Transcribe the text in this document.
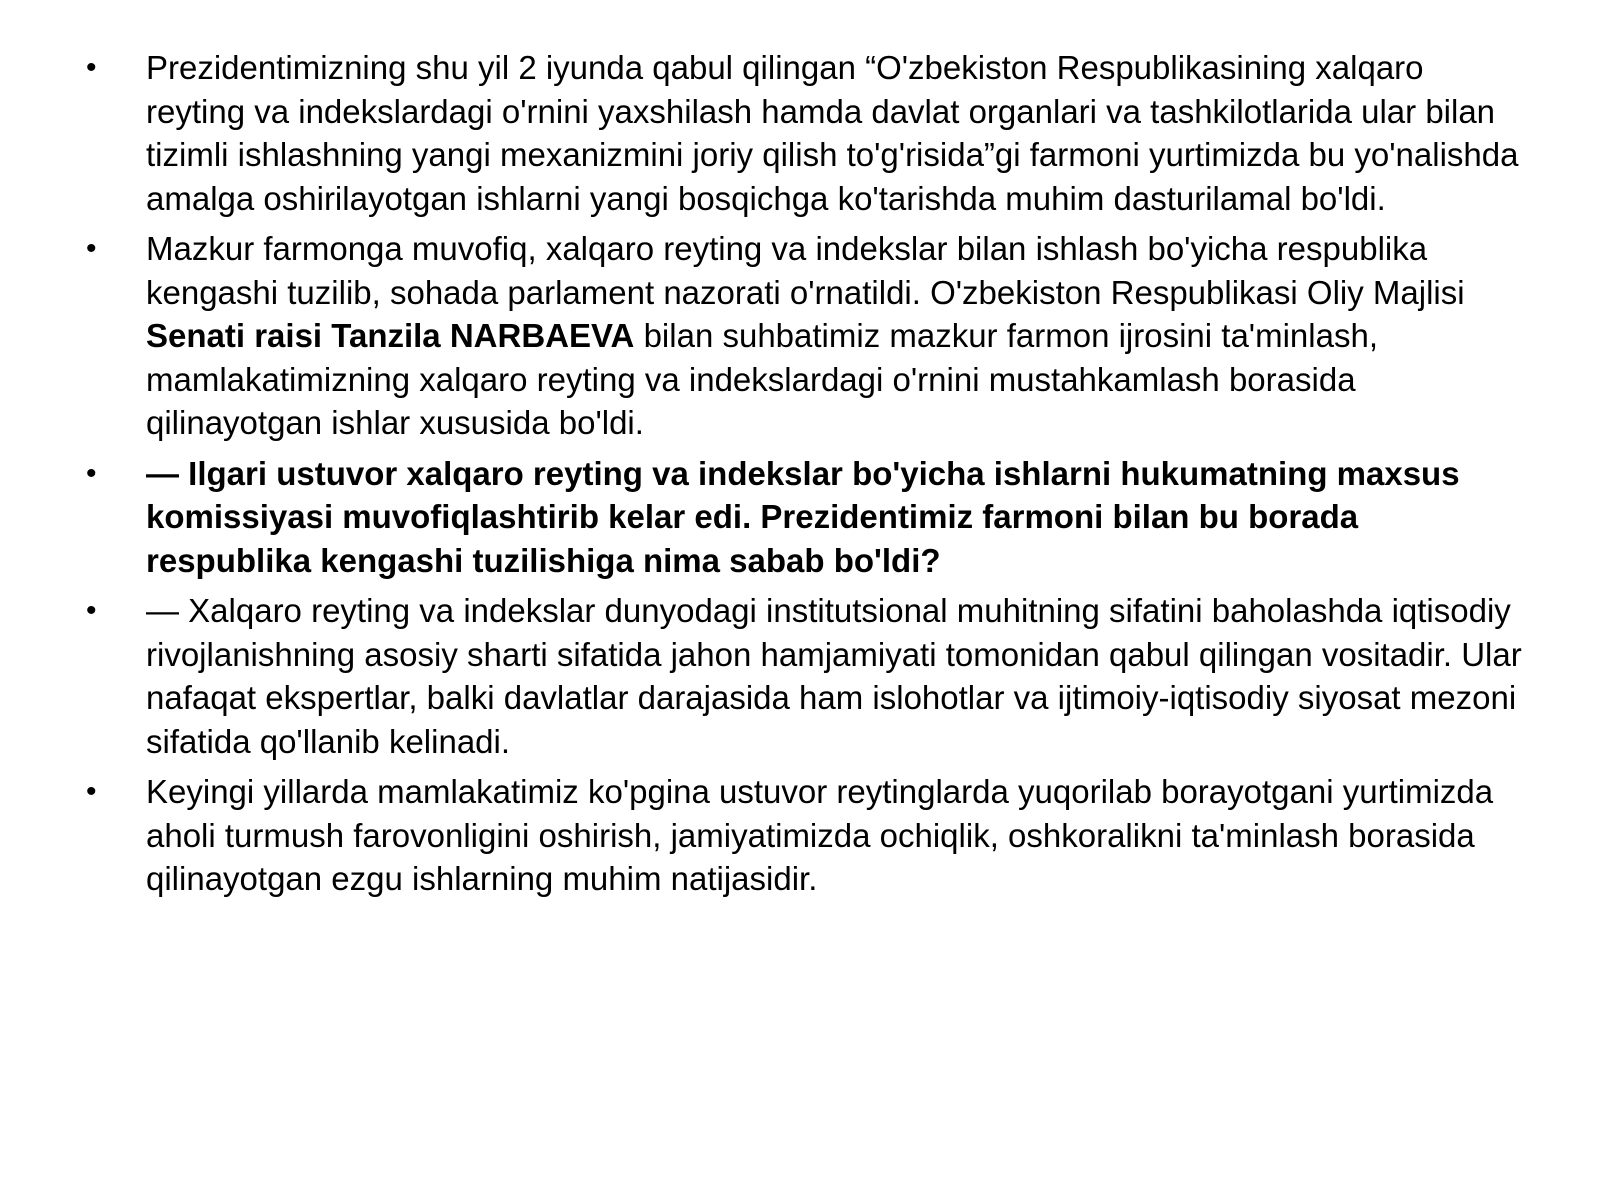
• Prezidentimizning shu yil 2 iyunda qabul qilingan “O'zbekiston Respublikasining xalqaro reyting va indekslardagi o'rnini yaxshilash hamda davlat organlari va tashkilotlarida ular bilan tizimli ishlashning yangi mexanizmini joriy qilish to'g'risida”gi farmoni yurtimizda bu yo'nalishda amalga oshirilayotgan ishlarni yangi bosqichga ko'tarishda muhim dasturilamal bo'ldi.
• Mazkur farmonga muvofiq, xalqaro reyting va indekslar bilan ishlash bo'yicha respublika kengashi tuzilib, sohada parlament nazorati o'rnatildi. O'zbekiston Respublikasi Oliy Majlisi Senati raisi Tanzila NARBAEVA bilan suhbatimiz mazkur farmon ijrosini ta'minlash, mamlakatimizning xalqaro reyting va indekslardagi o'rnini mustahkamlash borasida qilinayotgan ishlar xususida bo'ldi.
• — Ilgari ustuvor xalqaro reyting va indekslar bo'yicha ishlarni hukumatning maxsus komissiyasi muvofiqlashtirib kelar edi. Prezidentimiz farmoni bilan bu borada respublika kengashi tuzilishiga nima sabab bo'ldi?
• — Xalqaro reyting va indekslar dunyodagi institutsional muhitning sifatini baholashda iqtisodiy rivojlanishning asosiy sharti sifatida jahon hamjamiyati tomonidan qabul qilingan vositadir. Ular nafaqat ekspertlar, balki davlatlar darajasida ham islohotlar va ijtimoiy-iqtisodiy siyosat mezoni sifatida qo'llanib kelinadi.
• Keyingi yillarda mamlakatimiz ko'pgina ustuvor reytinglarda yuqorilab borayotgani yurtimizda aholi turmush farovonligini oshirish, jamiyatimizda ochiqlik, oshkoralikni ta'minlash borasida qilinayotgan ezgu ishlarning muhim natijasidir.
